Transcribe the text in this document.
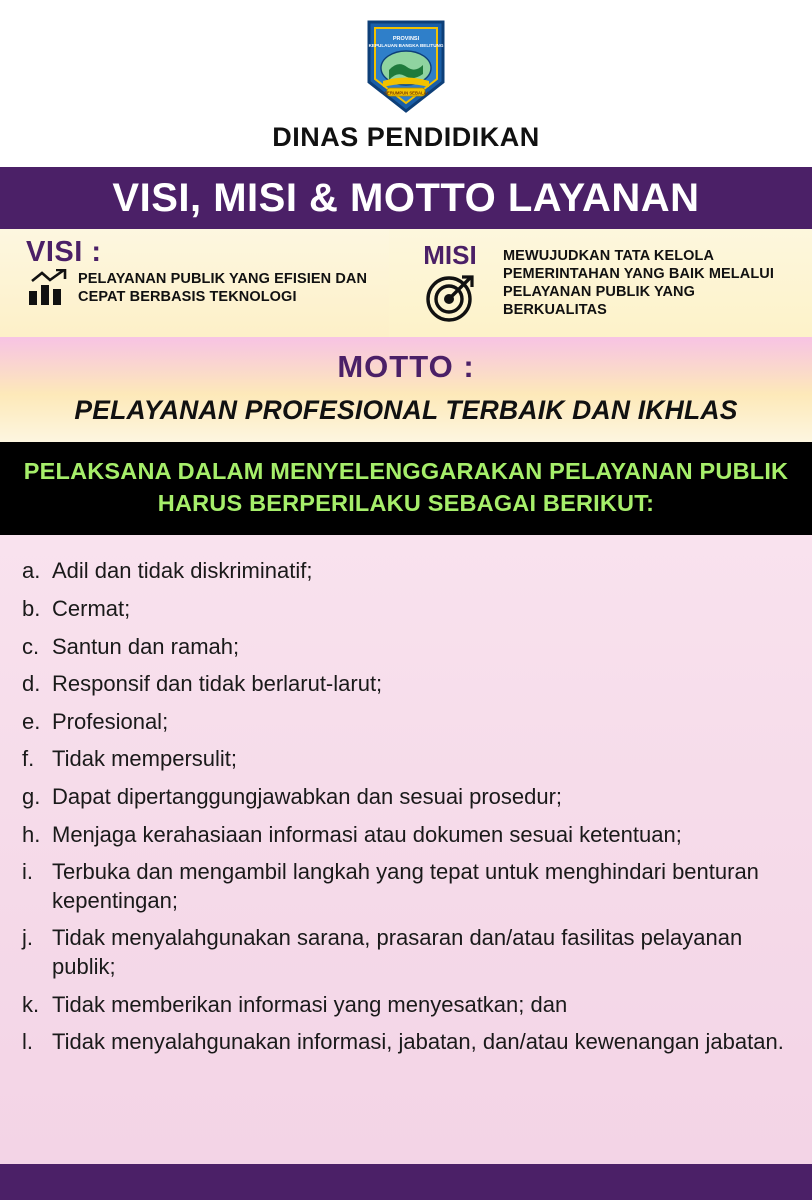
PROVINSI
KEPULAUAN BANGKA BELITUNG
SERUMPUN SEBALAI
DINAS PENDIDIKAN
VISI, MISI & MOTTO LAYANAN
VISI :
PELAYANAN PUBLIK YANG EFISIEN DAN CEPAT BERBASIS TEKNOLOGI
MISI MEWUJUDKAN TATA KELOLA PEMERINTAHAN YANG BAIK MELALUI PELAYANAN PUBLIK YANG BERKUALITAS
MOTTO :
PELAYANAN PROFESIONAL TERBAIK DAN IKHLAS
PELAKSANA DALAM MENYELENGGARAKAN PELAYANAN PUBLIK HARUS BERPERILAKU SEBAGAI BERIKUT:
a. Adil dan tidak diskriminatif;
b. Cermat;
c. Santun dan ramah;
d. Responsif dan tidak berlarut-larut;
e. Profesional;
f. Tidak mempersulit;
g. Dapat dipertanggungjawabkan dan sesuai prosedur;
h. Menjaga kerahasiaan informasi atau dokumen sesuai ketentuan;
i. Terbuka dan mengambil langkah yang tepat untuk menghindari benturan kepentingan;
j. Tidak menyalahgunakan sarana, prasaran dan/atau fasilitas pelayanan publik;
k. Tidak memberikan informasi yang menyesatkan; dan
l. Tidak menyalahgunakan informasi, jabatan, dan/atau kewenangan jabatan.
